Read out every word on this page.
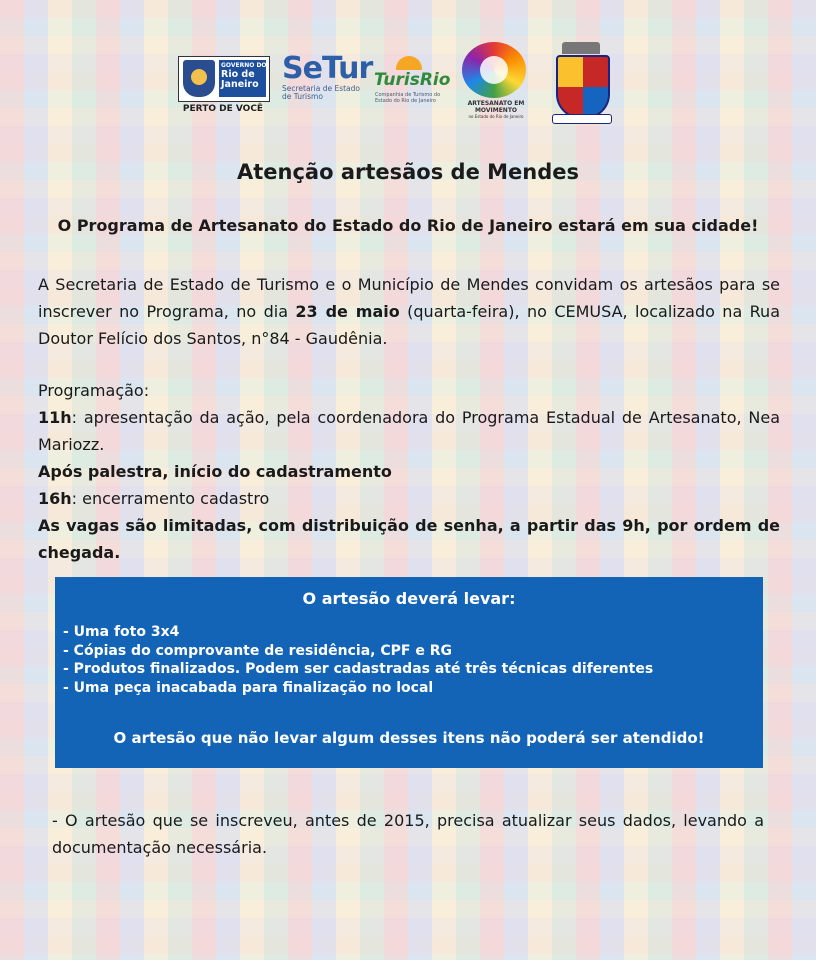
GOVERNO DO
Rio de Janeiro
PERTO DE VOCÊ
SeTur
Secretaria de Estado de Turismo
TurisRio
Companhia de Turismo do Estado do Rio de Janeiro	ARTESANATO EM MOVIMENTO
no Estado do Rio de Janeiro
Atenção artesãos de Mendes
O Programa de Artesanato do Estado do Rio de Janeiro estará em sua cidade!
A Secretaria de Estado de Turismo e o Município de Mendes convidam os artesãos para se inscrever no Programa, no dia 23 de maio (quarta-feira), no CEMUSA, localizado na Rua Doutor Felício dos Santos, n°84 - Gaudênia.
Programação:
11h: apresentação da ação, pela coordenadora do Programa Estadual de Artesanato, Nea Mariozz.
Após palestra, início do cadastramento
16h: encerramento cadastro
As vagas são limitadas, com distribuição de senha, a partir das 9h, por ordem de chegada.
O artesão deverá levar:
- Uma foto 3x4
- Cópias do comprovante de residência, CPF e RG
- Produtos finalizados. Podem ser cadastradas até três técnicas diferentes
- Uma peça inacabada para finalização no local
O artesão que não levar algum desses itens não poderá ser atendido!
- O artesão que se inscreveu, antes de 2015, precisa atualizar seus dados, levando a documentação necessária.
